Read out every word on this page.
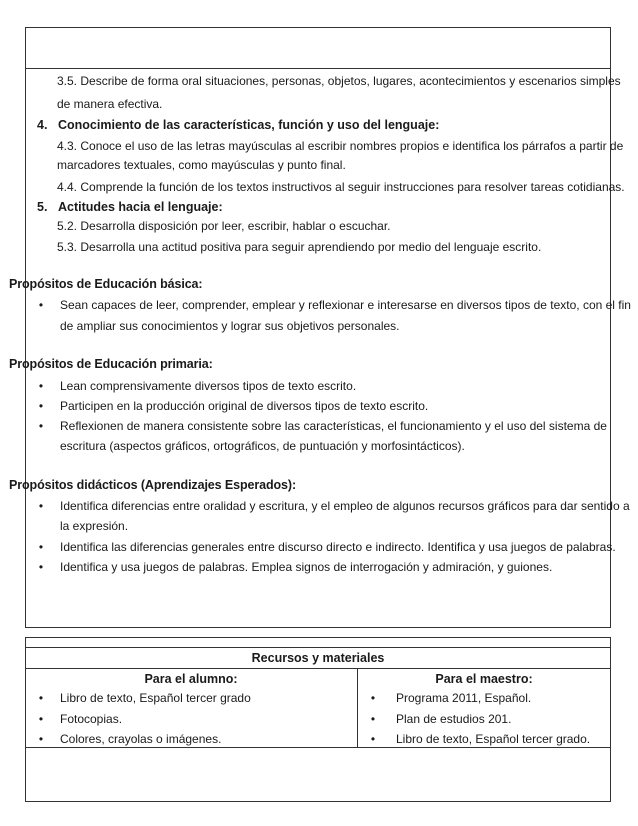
3.5. Describe de forma oral situaciones, personas, objetos, lugares, acontecimientos y escenarios simples
de manera efectiva.
4. Conocimiento de las características, función y uso del lenguaje:
4.3. Conoce el uso de las letras mayúsculas al escribir nombres propios e identifica los párrafos a partir de
marcadores textuales, como mayúsculas y punto final.
4.4. Comprende la función de los textos instructivos al seguir instrucciones para resolver tareas cotidianas.
5. Actitudes hacia el lenguaje:
5.2. Desarrolla disposición por leer, escribir, hablar o escuchar.
5.3. Desarrolla una actitud positiva para seguir aprendiendo por medio del lenguaje escrito.
Propósitos de Educación básica:
• Sean capaces de leer, comprender, emplear y reflexionar e interesarse en diversos tipos de texto, con el fin
de ampliar sus conocimientos y lograr sus objetivos personales.
Propósitos de Educación primaria:
• Lean comprensivamente diversos tipos de texto escrito.
• Participen en la producción original de diversos tipos de texto escrito.
• Reflexionen de manera consistente sobre las características, el funcionamiento y el uso del sistema de
escritura (aspectos gráficos, ortográficos, de puntuación y morfosintácticos).
Propósitos didácticos (Aprendizajes Esperados):
• Identifica diferencias entre oralidad y escritura, y el empleo de algunos recursos gráficos para dar sentido a
la expresión.
• Identifica las diferencias generales entre discurso directo e indirecto. Identifica y usa juegos de palabras.
• Identifica y usa juegos de palabras. Emplea signos de interrogación y admiración, y guiones.
Recursos y materiales
Para el alumno:	Para el maestro:
• Libro de texto, Español tercer grado
• Fotocopias.
• Colores, crayolas o imágenes.
• Programa 2011, Español.
• Plan de estudios 201.
• Libro de texto, Español tercer grado.
